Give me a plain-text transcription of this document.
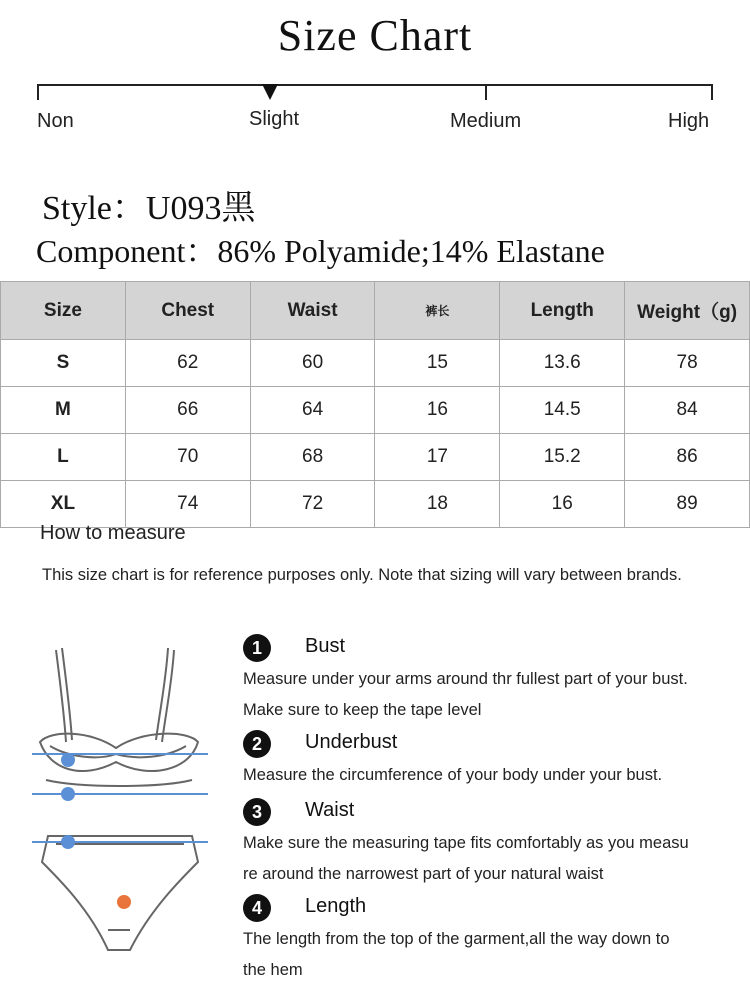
Size Chart
Non	Slight	Medium	High
Style：U093黑
Component：86% Polyamide;14% Elastane
Size	Chest	Waist	裤长	Length	Weight（g)
S	62	60	15	13.6	78
M	66	64	16	14.5	84
L	70	68	17	15.2	86
XL	74	72	18	16	89
How to measure
This size chart is for reference purposes only. Note that sizing will vary between brands.
1	Bust
Measure under your arms around thr fullest part of your bust.
Make sure to keep the tape level
2	Underbust
Measure the circumference of your body under your bust.
3	Waist
Make sure the measuring tape fits comfortably as you measu
re around the narrowest part of your natural waist
4	Length
The length from the top of the garment,all the way down to
the hem
